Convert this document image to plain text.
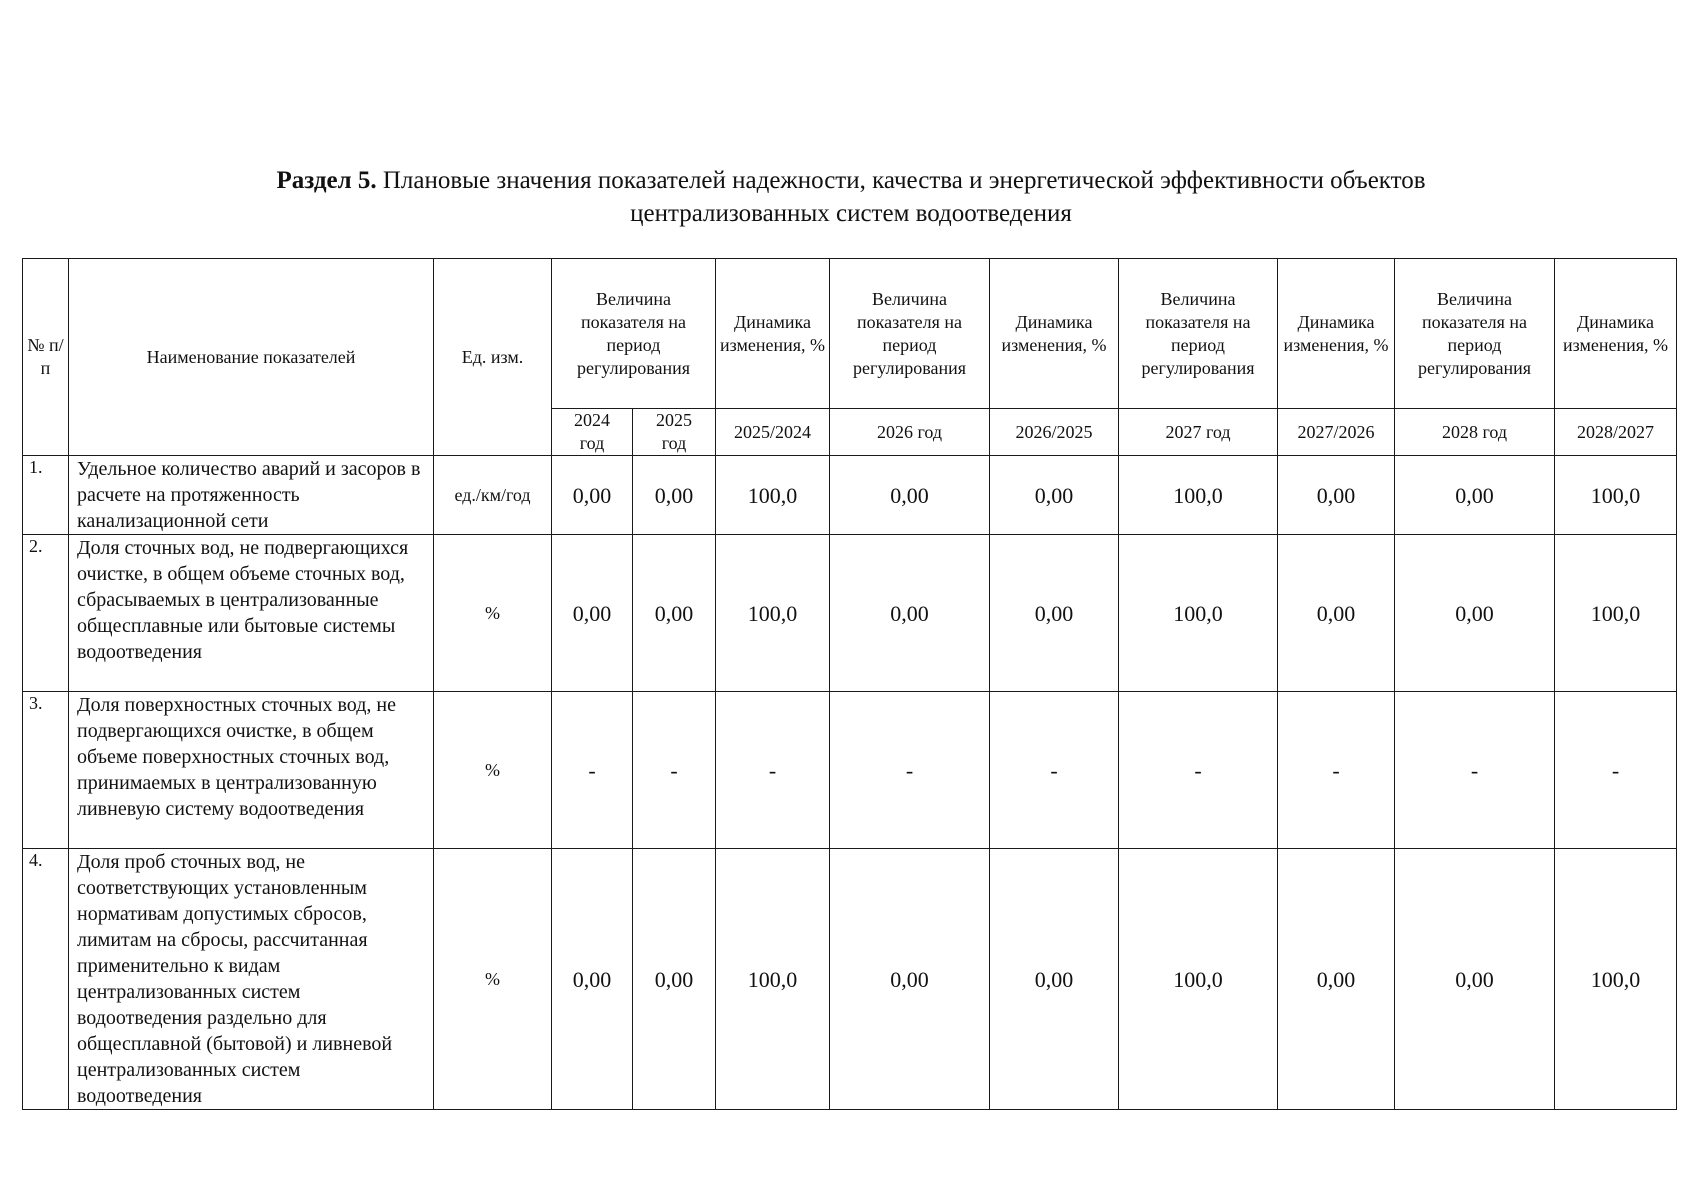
Раздел 5. Плановые значения показателей надежности, качества и энергетической эффективности объектов
централизованных систем водоотведения
№ п/п	Наименование показателей	Ед. изм.	Величина показателя на период регулирования		Динамика изменения, %	Величина показателя на период регулирования	Динамика изменения, %	Величина показателя на период регулирования	Динамика изменения, %	Величина показателя на период регулирования	Динамика изменения, %
			2024 год	2025 год	2025/2024	2026 год	2026/2025	2027 год	2027/2026	2028 год	2028/2027
1.	Удельное количество аварий и засоров в расчете на протяженность канализационной сети	ед./км/год	0,00	0,00	100,0	0,00	0,00	100,0	0,00	0,00	100,0
2.	Доля сточных вод, не подвергающихся очистке, в общем объеме сточных вод, сбрасываемых в централизованные общесплавные или бытовые системы водоотведения	%	0,00	0,00	100,0	0,00	0,00	100,0	0,00	0,00	100,0
3.	Доля поверхностных сточных вод, не подвергающихся очистке, в общем объеме поверхностных сточных вод, принимаемых в централизованную ливневую систему водоотведения	%	-	-	-	-	-	-	-	-	-
4.	Доля проб сточных вод, не соответствующих установленным нормативам допустимых сбросов, лимитам на сбросы, рассчитанная применительно к видам централизованных систем водоотведения раздельно для общесплавной (бытовой) и ливневой централизованных систем водоотведения	%	0,00	0,00	100,0	0,00	0,00	100,0	0,00	0,00	100,0
